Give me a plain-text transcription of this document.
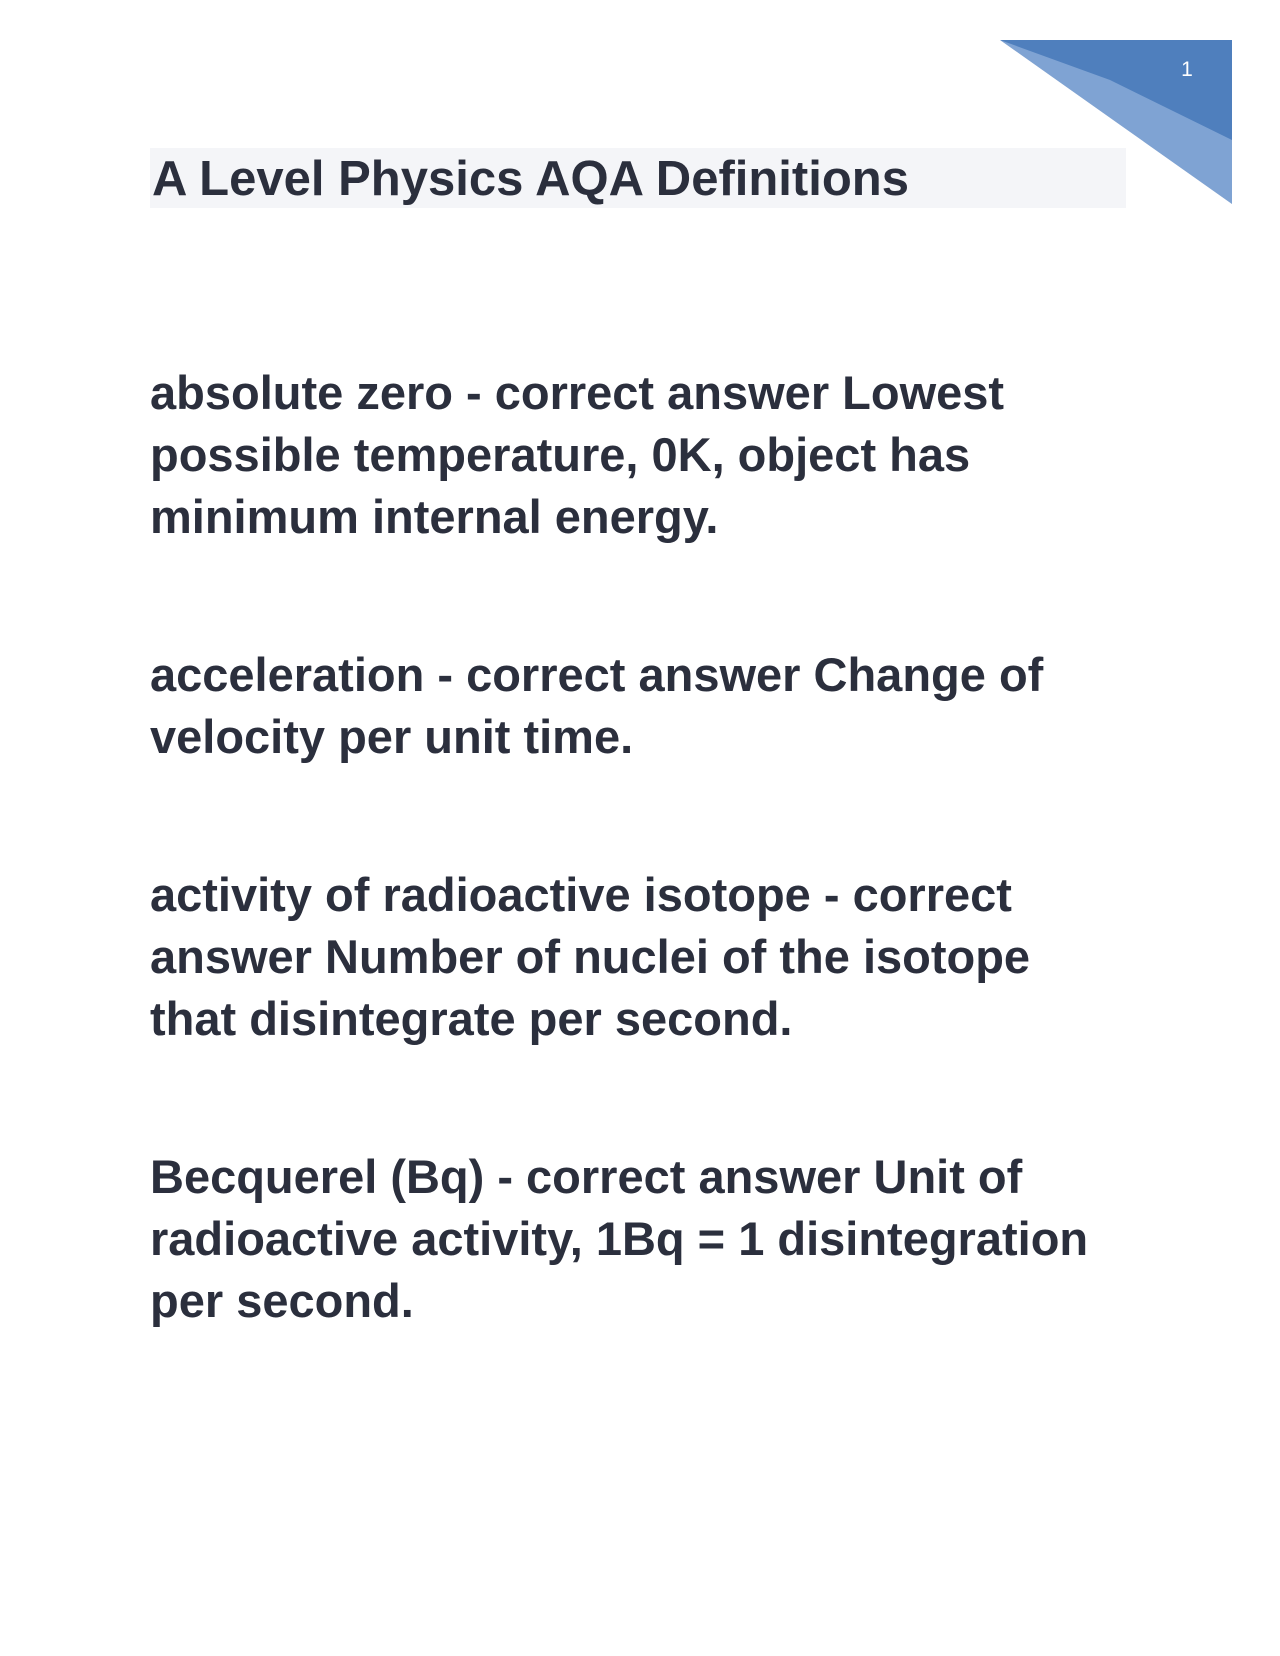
1
A Level Physics AQA Definitions

absolute zero - correct answer Lowest possible temperature, 0K, object has minimum internal energy.

acceleration - correct answer Change of velocity per unit time.

activity of radioactive isotope - correct answer Number of nuclei of the isotope that disintegrate per second.

Becquerel (Bq) - correct answer Unit of radioactive activity, 1Bq = 1 disintegration per second.
